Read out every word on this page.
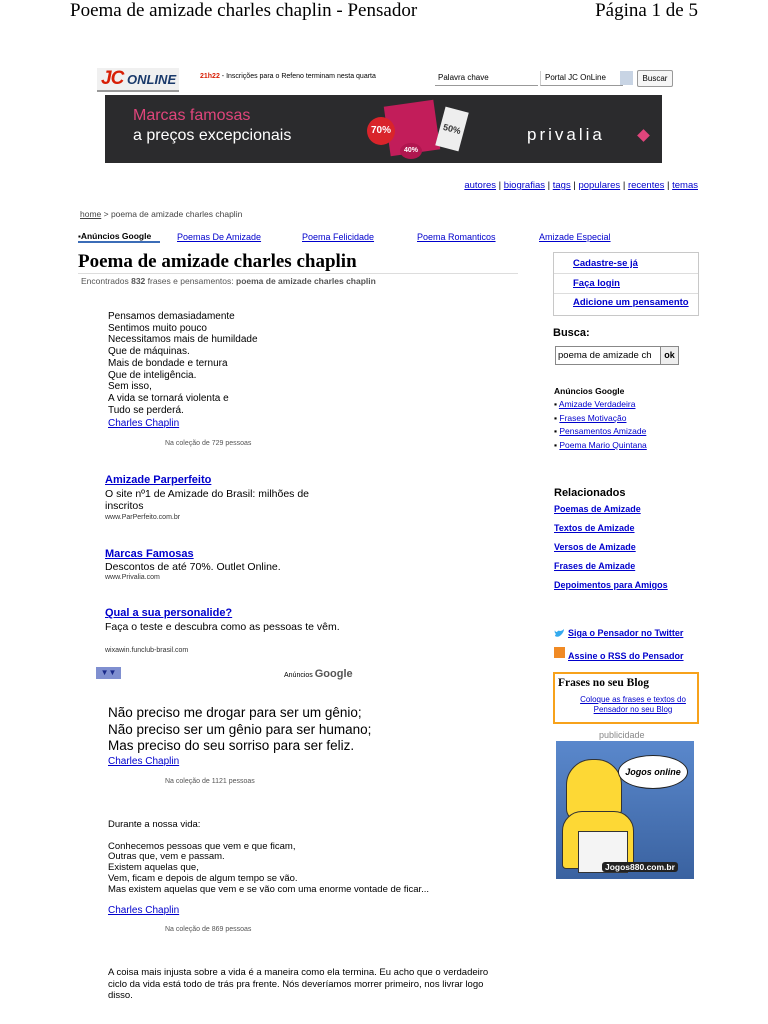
Poema de amizade charles chaplin - Pensador	Página 1 de 5
JC ONLINE	21h22 - Inscrições para o Refeno terminam nesta quarta	Palavra chave	Portal JC OnLine	Buscar
Marcas famosas
a preços excepcionais	70%	50%
40%
privalia
autores | biografias | tags | populares | recentes | temas
home > poema de amizade charles chaplin
▪Anúncios Google	Poemas De Amizade	Poema Felicidade	Poema Romanticos	Amizade Especial
Poema de amizade charles chaplin
Encontrados 832 frases e pensamentos: poema de amizade charles chaplin
Pensamos demasiadamente
Sentimos muito pouco
Necessitamos mais de humildade
Que de máquinas.
Mais de bondade e ternura
Que de inteligência.
Sem isso,
A vida se tornará violenta e
Tudo se perderá.
Charles Chaplin
Na coleção de 729 pessoas
Amizade Parperfeito
O site nº1 de Amizade do Brasil: milhões de inscritos
www.ParPerfeito.com.br
Marcas Famosas
Descontos de até 70%. Outlet Online.
www.Privalia.com
Qual a sua personalide?
Faça o teste e descubra como as pessoas te vêm.
wixawin.funclub-brasil.com
▼▼	Anúncios Google
Não preciso me drogar para ser um gênio;
Não preciso ser um gênio para ser humano;
Mas preciso do seu sorriso para ser feliz.
Charles Chaplin
Na coleção de 1121 pessoas
Durante a nossa vida:

Conhecemos pessoas que vem e que ficam,
Outras que, vem e passam.
Existem aquelas que,
Vem, ficam e depois de algum tempo se vão.
Mas existem aquelas que vem e se vão com uma enorme vontade de ficar...
Charles Chaplin
Na coleção de 869 pessoas
A coisa mais injusta sobre a vida é a maneira como ela termina. Eu acho que o verdadeiro ciclo da vida está todo de trás pra frente. Nós deveríamos morrer primeiro, nos livrar logo disso.
Cadastre-se já
Faça login
Adicione um pensamento
Busca:
poema de amizade ch	ok
Anúncios Google
▪ Amizade Verdadeira
▪ Frases Motivação
▪ Pensamentos Amizade
▪ Poema Mario Quintana
Relacionados
Poemas de Amizade
Textos de Amizade
Versos de Amizade
Frases de Amizade
Depoimentos para Amigos
Siga o Pensador no Twitter
Assine o RSS do Pensador
Frases no seu Blog
Coloque as frases e textos do Pensador no seu Blog
publicidade
Jogos online
Jogos880.com.br
